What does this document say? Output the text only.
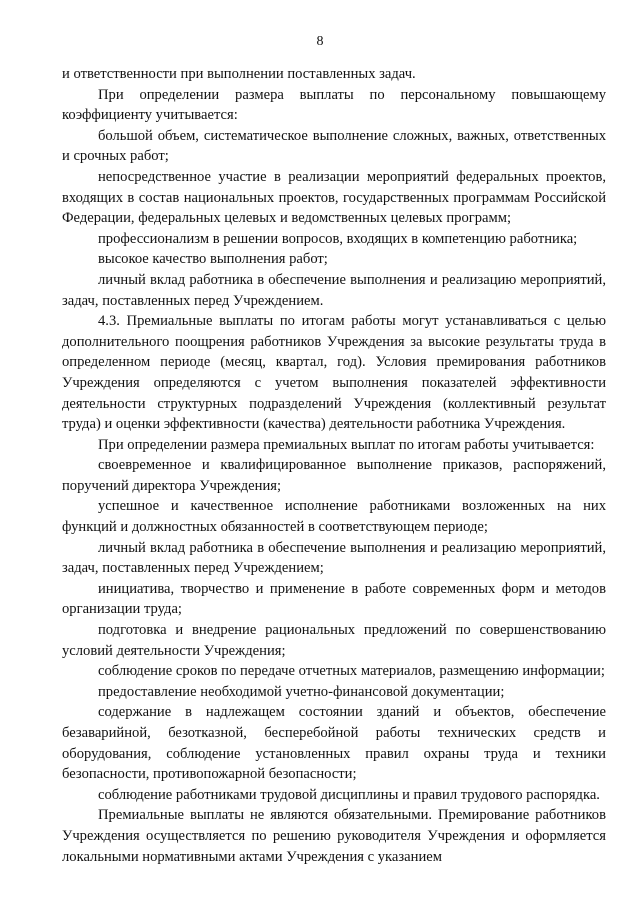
8

и ответственности при выполнении поставленных задач.

При определении размера выплаты по персональному повышающему коэффициенту учитывается:

большой объем, систематическое выполнение сложных, важных, ответственных и срочных работ;

непосредственное участие в реализации мероприятий федеральных проектов, входящих в состав национальных проектов, государственных программам Российской Федерации, федеральных целевых и ведомственных целевых программ;

профессионализм в решении вопросов, входящих в компетенцию работника;

высокое качество выполнения работ;

личный вклад работника в обеспечение выполнения и реализацию мероприятий, задач, поставленных перед Учреждением.

4.3. Премиальные выплаты по итогам работы могут устанавливаться с целью дополнительного поощрения работников Учреждения за высокие результаты труда в определенном периоде (месяц, квартал, год). Условия премирования работников Учреждения определяются с учетом выполнения показателей эффективности деятельности структурных подразделений Учреждения (коллективный результат труда) и оценки эффективности (качества) деятельности работника Учреждения.

При определении размера премиальных выплат по итогам работы учитывается:

своевременное и квалифицированное выполнение приказов, распоряжений, поручений директора Учреждения;

успешное и качественное исполнение работниками возложенных на них функций и должностных обязанностей в соответствующем периоде;

личный вклад работника в обеспечение выполнения и реализацию мероприятий, задач, поставленных перед Учреждением;

инициатива, творчество и применение в работе современных форм и методов организации труда;

подготовка и внедрение рациональных предложений по совершенствованию условий деятельности Учреждения;

соблюдение сроков по передаче отчетных материалов, размещению информации;

предоставление необходимой учетно-финансовой документации;

содержание в надлежащем состоянии зданий и объектов, обеспечение безаварийной, безотказной, бесперебойной работы технических средств и оборудования, соблюдение установленных правил охраны труда и техники безопасности, противопожарной безопасности;

соблюдение работниками трудовой дисциплины и правил трудового распорядка.

Премиальные выплаты не являются обязательными. Премирование работников Учреждения осуществляется по решению руководителя Учреждения и оформляется локальными нормативными актами Учреждения с указанием
